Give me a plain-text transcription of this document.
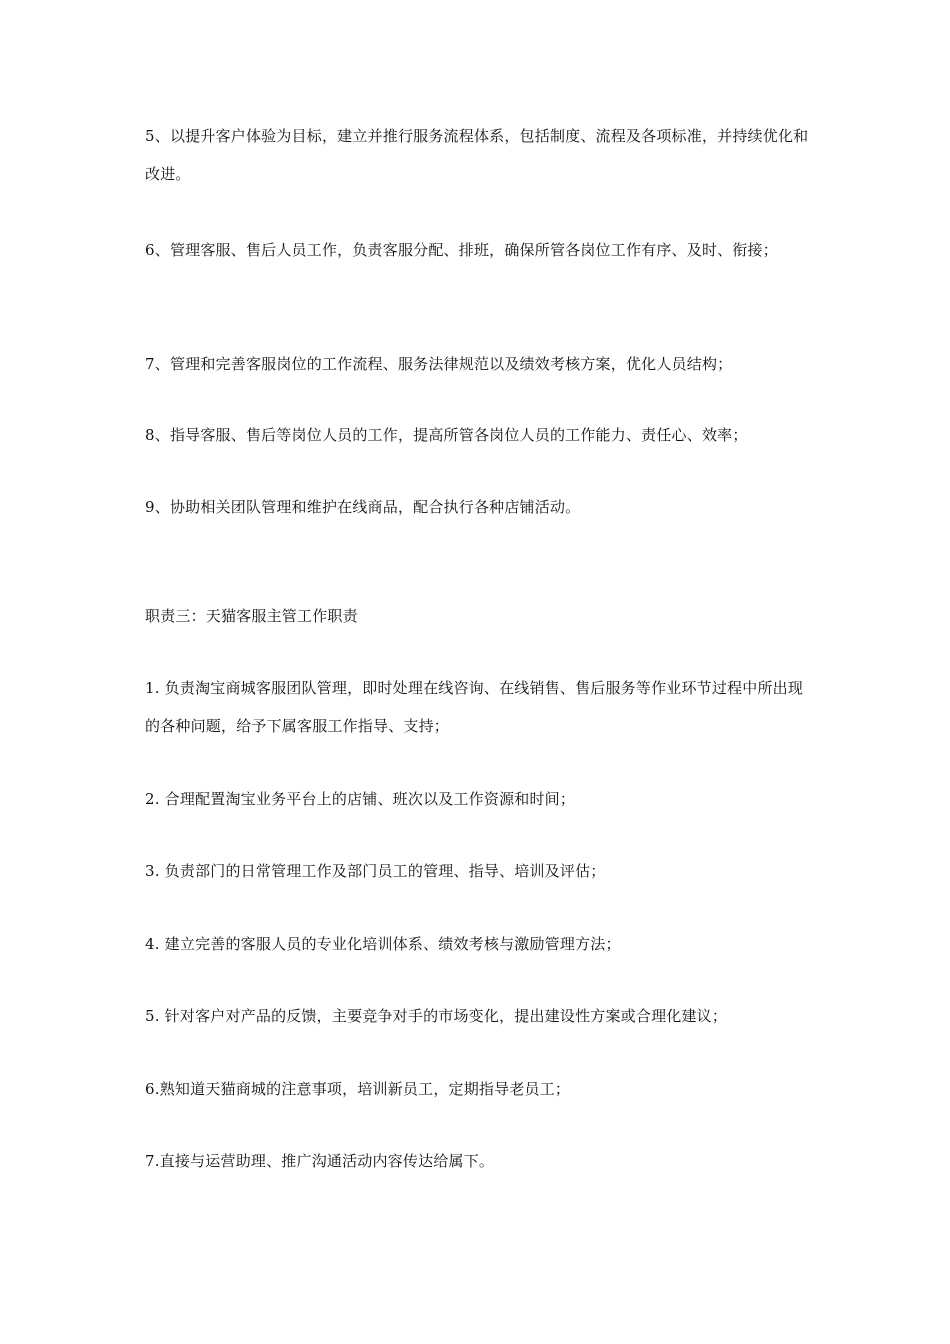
5、以提升客户体验为目标，建立并推行服务流程体系，包括制度、流程及各项标准，并持续优化和改进。

6、管理客服、售后人员工作，负责客服分配、排班，确保所管各岗位工作有序、及时、衔接；

7、管理和完善客服岗位的工作流程、服务法律规范以及绩效考核方案，优化人员结构；

8、指导客服、售后等岗位人员的工作，提高所管各岗位人员的工作能力、责任心、效率；

9、协助相关团队管理和维护在线商品，配合执行各种店铺活动。

职责三：天猫客服主管工作职责

1. 负责淘宝商城客服团队管理，即时处理在线咨询、在线销售、售后服务等作业环节过程中所出现的各种问题，给予下属客服工作指导、支持；

2. 合理配置淘宝业务平台上的店铺、班次以及工作资源和时间；

3. 负责部门的日常管理工作及部门员工的管理、指导、培训及评估；

4. 建立完善的客服人员的专业化培训体系、绩效考核与激励管理方法；

5. 针对客户对产品的反馈，主要竞争对手的市场变化，提出建设性方案或合理化建议；

6.熟知道天猫商城的注意事项，培训新员工，定期指导老员工；

7.直接与运营助理、推广沟通活动内容传达给属下。
